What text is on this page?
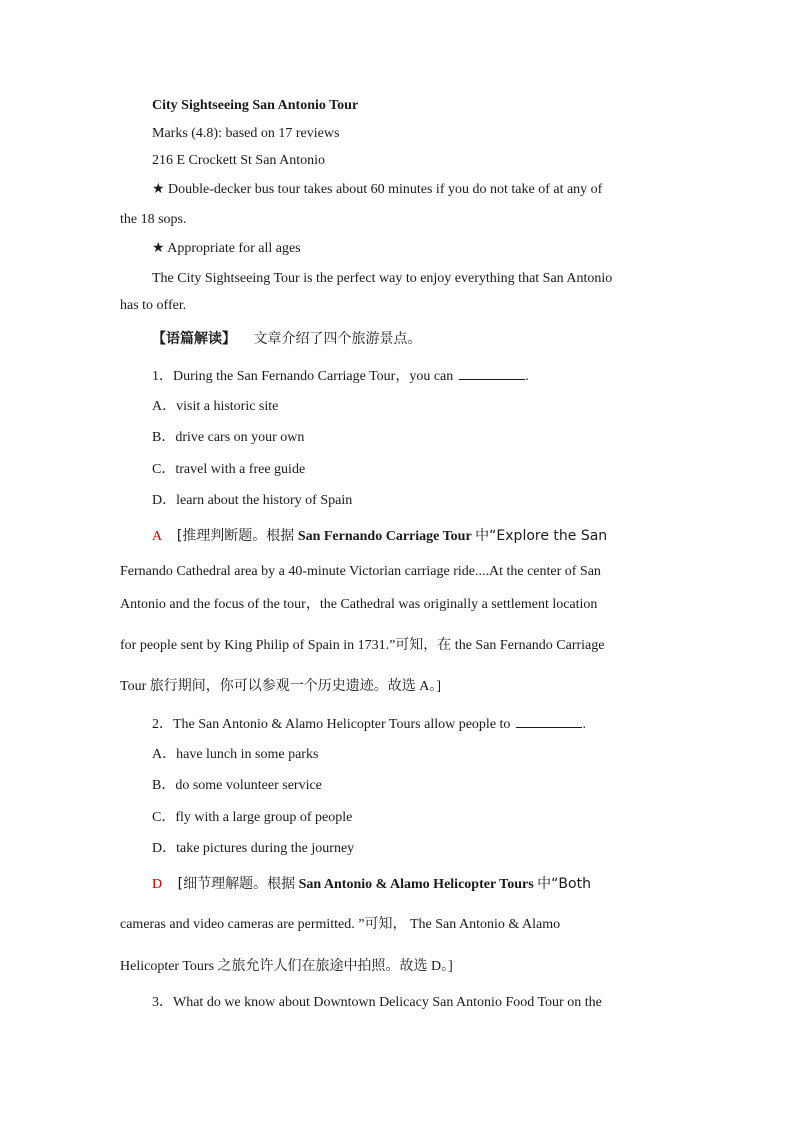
City Sightseeing San Antonio Tour
Marks (4.8): based on 17 reviews
216 E Crockett St San Antonio
★ Double-decker bus tour takes about 60 minutes if you do not take of at any of
the 18 sops.
★ Appropriate for all ages
The City Sightseeing Tour is the perfect way to enjoy everything that San Antonio
has to offer.
【语篇解读】 文章介绍了四个旅游景点。
1．During the San Fernando Carriage Tour，you can	.
A．visit a historic site
B．drive cars on your own
C．travel with a free guide
D．learn about the history of Spain
A [推理判断题。根据 San Fernando Carriage Tour 中“Explore the San
Fernando Cathedral area by a 40-minute Victorian carriage ride....At the center of San
Antonio and the focus of the tour，the Cathedral was originally a settlement location
for people sent by King Philip of Spain in 1731.”可知，在 the San Fernando Carriage
Tour 旅行期间，你可以参观一个历史遗迹。故选 A。]
2．The San Antonio & Alamo Helicopter Tours allow people to	.
A．have lunch in some parks
B．do some volunteer service
C．fly with a large group of people
D．take pictures during the journey
D [细节理解题。根据 San Antonio & Alamo Helicopter Tours 中“Both
cameras and video cameras are permitted. ”可知， The San Antonio & Alamo
Helicopter Tours 之旅允许人们在旅途中拍照。故选 D。]
3．What do we know about Downtown Delicacy San Antonio Food Tour on the
